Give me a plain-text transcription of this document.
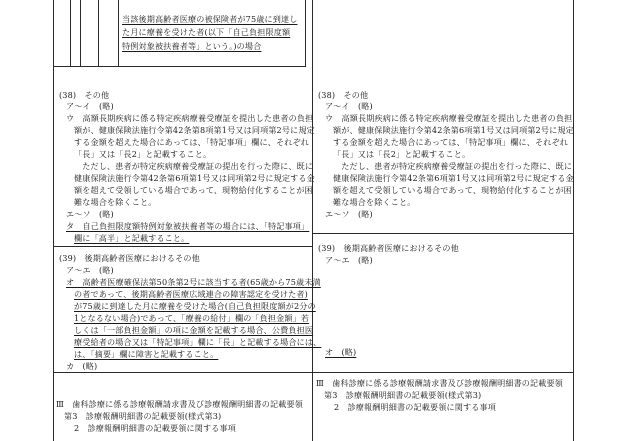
当該後期高齢者医療の被保険者が75歳に到達し
た月に療養を受けた者(以下「自己負担限度額
特例対象被扶養者等」という。)の場合
(38)　その他
ア～イ　(略)
ウ　高額長期疾病に係る特定疾病療養受療証を提出した患者の負担
額が、健康保険法施行令第42条第8項第1号又は同項第2号に規定
する金額を超えた場合にあっては、「特記事項」欄に、それぞれ
「長」又は「長2」と記載すること。
　ただし、患者が特定疾病療養受療証の提出を行った際に、既に
健康保険法施行令第42条第6項第1号又は同項第2号に規定する金
額を超えて受領している場合であって、現物給付化することが困
難な場合を除くこと。
エ～ソ　(略)
タ　自己負担限度額特例対象被扶養者等の場合には、「特記事項」
欄に「高半」と記載すること。
(39)　後期高齢者医療におけるその他
ア～エ　(略)
オ　高齢者医療確保法第50条第2号に該当する者(65歳から75歳未満
の者であって、後期高齢者医療広域連合の障害認定を受けた者)
が75歳に到達した月に療養を受けた場合(自己負担限度額が2分の
1となるない場合)であって、「療養の給付」欄の「負担金額」若
しくは「一部負担金額」の項に金額を記載する場合、公費負担医
療受給者の場合又は「特記事項」欄に「長」と記載する場合には、
は、「摘要」欄に障害と記載すること。
カ　(略)
Ⅲ　歯科診療に係る診療報酬請求書及び診療報酬明細書の記載要領
第3　診療報酬明細書の記載要領(様式第3)
2　診療報酬明細書の記載要領に関する事項
(38)　その他
ア～イ　(略)
ウ　高額長期疾病に係る特定疾病療養受療証を提出した患者の負担
額が、健康保険法施行令第42条第6項第1号又は同項第2号に規定
する金額を超えた場合にあっては、「特記事項」欄に、それぞれ
「長」又は「長2」と記載すること。
　ただし、患者が特定疾病療養受療証の提出を行った際に、既に
健康保険法施行令第42条第6項第1号又は同項第2号に規定する金
額を超えて受領している場合であって、現物給付化することが困
難な場合を除くこと。
エ～ソ　(略)
(39)　後期高齢者医療におけるその他
ア～エ　(略)
オ　(略)
Ⅲ　歯科診療に係る診療報酬請求書及び診療報酬明細書の記載要領
第3　診療報酬明細書の記載要領(様式第3)
2　診療報酬明細書の記載要領に関する事項
